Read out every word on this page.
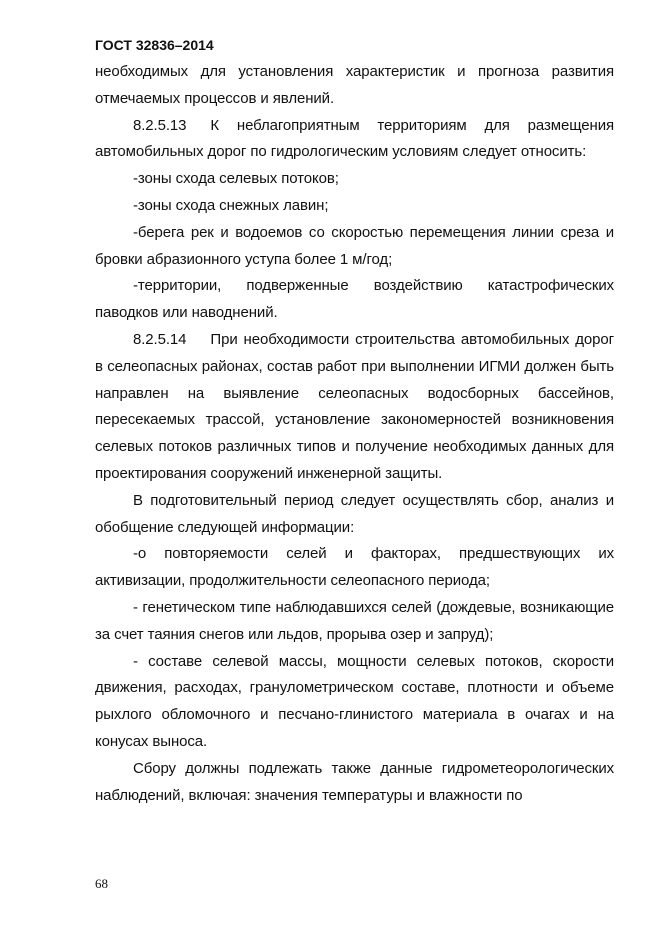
ГОСТ 32836–2014

необходимых для установления характеристик и прогноза развития отмечаемых процессов и явлений.

8.2.5.13 К неблагоприятным территориям для размещения автомобильных дорог по гидрологическим условиям следует относить:

-зоны схода селевых потоков;

-зоны схода снежных лавин;

-берега рек и водоемов со скоростью перемещения линии среза и бровки абразионного уступа более 1 м/год;

-территории, подверженные воздействию катастрофических паводков или наводнений.

8.2.5.14 При необходимости строительства автомобильных дорог в селеопасных районах, состав работ при выполнении ИГМИ должен быть направлен на выявление селеопасных водосборных бассейнов, пересекаемых трассой, установление закономерностей возникновения селевых потоков различных типов и получение необходимых данных для проектирования сооружений инженерной защиты.

В подготовительный период следует осуществлять сбор, анализ и обобщение следующей информации:

-о повторяемости селей и факторах, предшествующих их активизации, продолжительности селеопасного периода;

- генетическом типе наблюдавшихся селей (дождевые, возникающие за счет таяния снегов или льдов, прорыва озер и запруд);

- составе селевой массы, мощности селевых потоков, скорости движения, расходах, гранулометрическом составе, плотности и объеме рыхлого обломочного и песчано-глинистого материала в очагах и на конусах выноса.

Сбору должны подлежать также данные гидрометеорологических наблюдений, включая: значения температуры и влажности по

68
